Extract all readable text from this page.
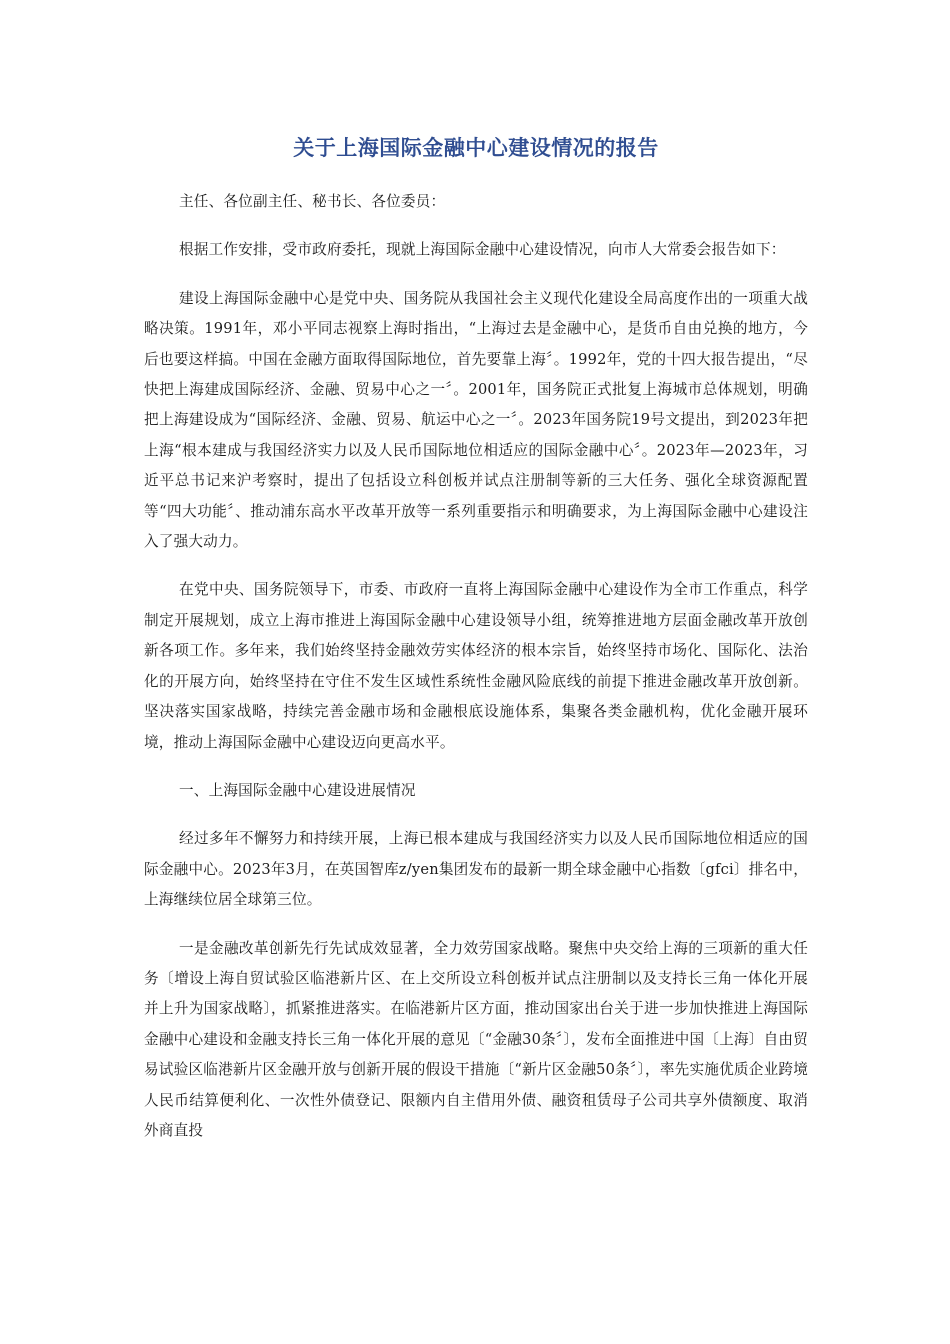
关于上海国际金融中心建设情况的报告

主任、各位副主任、秘书长、各位委员：

根据工作安排，受市政府委托，现就上海国际金融中心建设情况，向市人大常委会报告如下：

建设上海国际金融中心是党中央、国务院从我国社会主义现代化建设全局高度作出的一项重大战略决策。1991年，邓小平同志视察上海时指出，“上海过去是金融中心，是货币自由兑换的地方，今后也要这样搞。中国在金融方面取得国际地位，首先要靠上海〞。1992年，党的十四大报告提出，“尽快把上海建成国际经济、金融、贸易中心之一〞。2001年，国务院正式批复上海城市总体规划，明确把上海建设成为“国际经济、金融、贸易、航运中心之一〞。2023年国务院19号文提出，到2023年把上海“根本建成与我国经济实力以及人民币国际地位相适应的国际金融中心〞。2023年—2023年，习近平总书记来沪考察时，提出了包括设立科创板并试点注册制等新的三大任务、强化全球资源配置等“四大功能〞、推动浦东高水平改革开放等一系列重要指示和明确要求，为上海国际金融中心建设注入了强大动力。

在党中央、国务院领导下，市委、市政府一直将上海国际金融中心建设作为全市工作重点，科学制定开展规划，成立上海市推进上海国际金融中心建设领导小组，统筹推进地方层面金融改革开放创新各项工作。多年来，我们始终坚持金融效劳实体经济的根本宗旨，始终坚持市场化、国际化、法治化的开展方向，始终坚持在守住不发生区域性系统性金融风险底线的前提下推进金融改革开放创新。坚决落实国家战略，持续完善金融市场和金融根底设施体系，集聚各类金融机构，优化金融开展环境，推动上海国际金融中心建设迈向更高水平。

一、上海国际金融中心建设进展情况

经过多年不懈努力和持续开展，上海已根本建成与我国经济实力以及人民币国际地位相适应的国际金融中心。2023年3月，在英国智库z/yen集团发布的最新一期全球金融中心指数〔gfci〕排名中，上海继续位居全球第三位。

一是金融改革创新先行先试成效显著，全力效劳国家战略。聚焦中央交给上海的三项新的重大任务〔增设上海自贸试验区临港新片区、在上交所设立科创板并试点注册制以及支持长三角一体化开展并上升为国家战略〕，抓紧推进落实。在临港新片区方面，推动国家出台关于进一步加快推进上海国际金融中心建设和金融支持长三角一体化开展的意见〔“金融30条〞〕，发布全面推进中国〔上海〕自由贸易试验区临港新片区金融开放与创新开展的假设干措施〔“新片区金融50条〞〕，率先实施优质企业跨境人民币结算便利化、一次性外债登记、限额内自主借用外债、融资租赁母子公司共享外债额度、取消外商直投
